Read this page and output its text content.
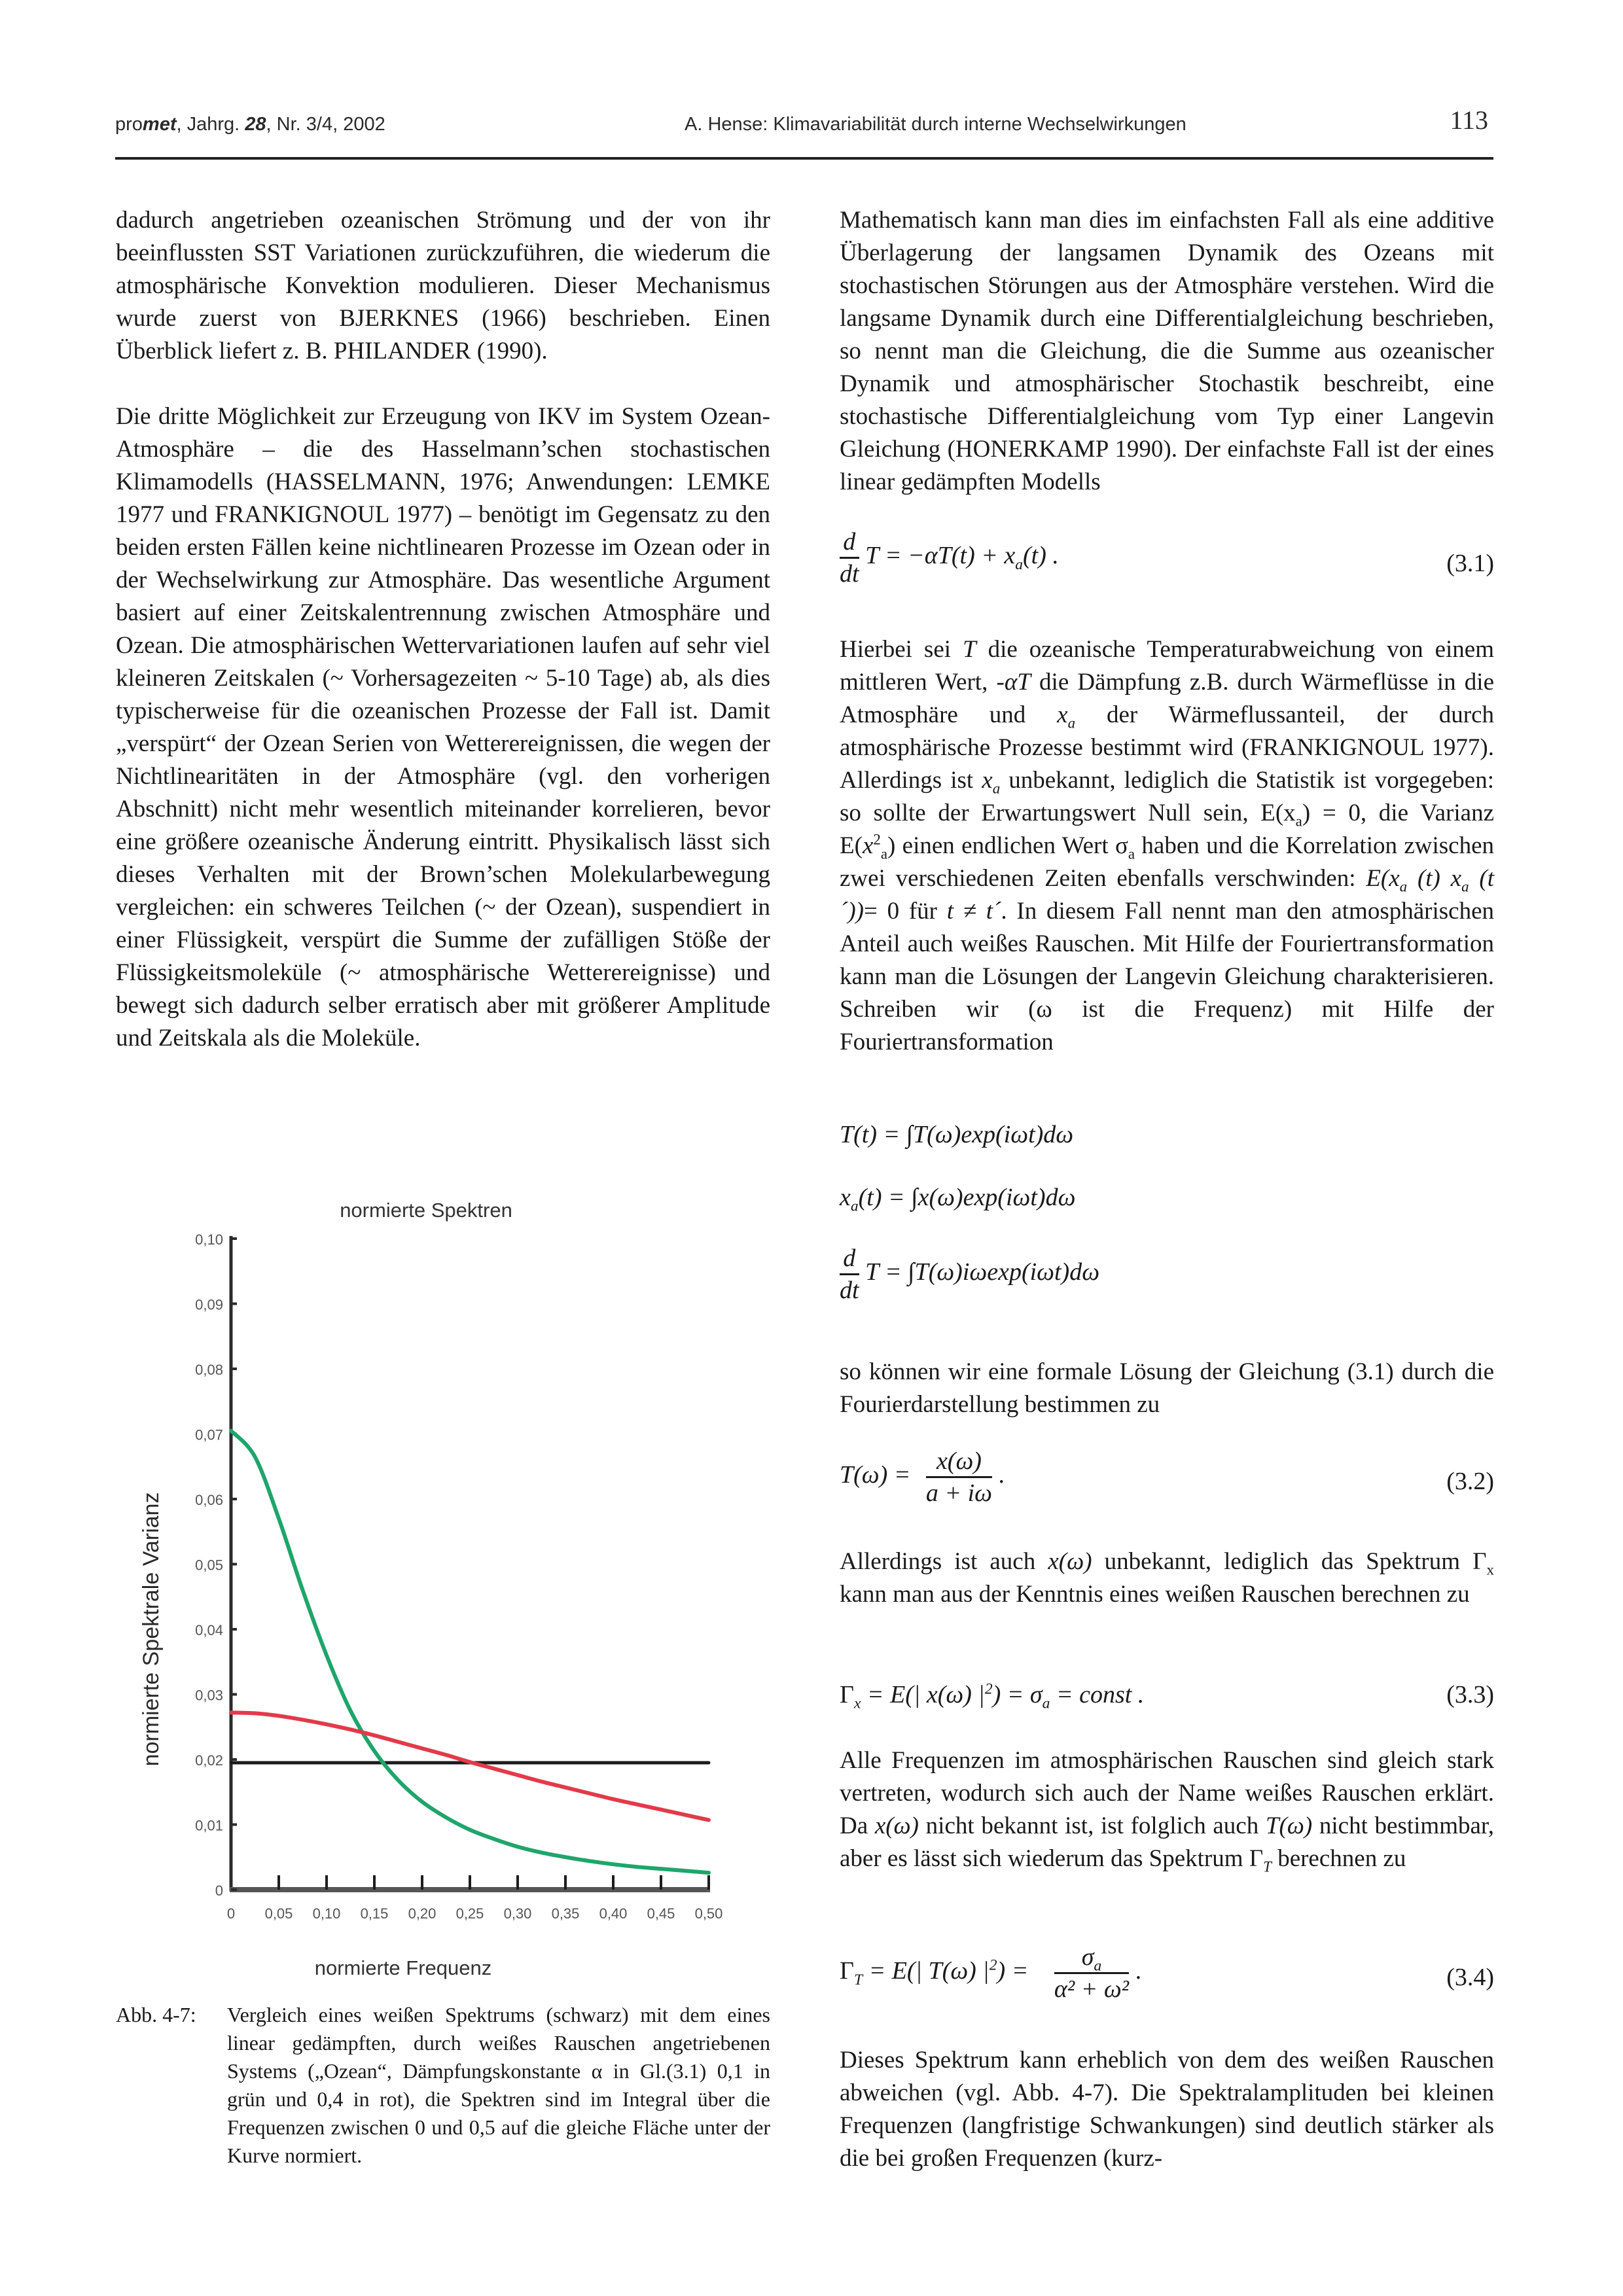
promet, Jahrg. 28, Nr. 3/4, 2002	A. Hense: Klimavariabilität durch interne Wechselwirkungen	113

dadurch angetrieben ozeanischen Strömung und der von ihr beeinflussten SST Variationen zurückzuführen, die wiederum die atmosphärische Konvektion modulieren. Dieser Mechanismus wurde zuerst von BJERKNES (1966) beschrieben. Einen Überblick liefert z. B. PHILANDER (1990).

Die dritte Möglichkeit zur Erzeugung von IKV im System Ozean-Atmosphäre – die des Hasselmann’schen stochastischen Klimamodells (HASSELMANN, 1976; Anwendungen: LEMKE 1977 und FRANKIGNOUL 1977) – benötigt im Gegensatz zu den beiden ersten Fällen keine nichtlinearen Prozesse im Ozean oder in der Wechselwirkung zur Atmosphäre. Das wesentliche Argument basiert auf einer Zeitskalentrennung zwischen Atmosphäre und Ozean. Die atmosphärischen Wettervariationen laufen auf sehr viel kleineren Zeitskalen (~ Vorhersagezeiten ~ 5-10 Tage) ab, als dies typischerweise für die ozeanischen Prozesse der Fall ist. Damit „verspürt“ der Ozean Serien von Wetterereignissen, die wegen der Nichtlinearitäten in der Atmosphäre (vgl. den vorherigen Abschnitt) nicht mehr wesentlich miteinander korrelieren, bevor eine größere ozeanische Änderung eintritt. Physikalisch lässt sich dieses Verhalten mit der Brown’schen Molekularbewegung vergleichen: ein schweres Teilchen (~ der Ozean), suspendiert in einer Flüssigkeit, verspürt die Summe der zufälligen Stöße der Flüssigkeitsmoleküle (~ atmosphärische Wetterereignisse) und bewegt sich dadurch selber erratisch aber mit größerer Amplitude und Zeitskala als die Moleküle.

normierte Spektren
normierte Spektrale Varianz
normierte Frequenz
0
0,01
0,02
0,03
0,04
0,05
0,06
0,07
0,08
0,09
0,10
0 0,05 0,10 0,15 0,20 0,25 0,30 0,35 0,40 0,45 0,50
Abb. 4-7: Vergleich eines weißen Spektrums (schwarz) mit dem eines linear gedämpften, durch weißes Rauschen angetriebenen Systems („Ozean“, Dämpfungskonstante α in Gl.(3.1) 0,1 in grün und 0,4 in rot), die Spektren sind im Integral über die Frequenzen zwischen 0 und 0,5 auf die gleiche Fläche unter der Kurve normiert.

Mathematisch kann man dies im einfachsten Fall als eine additive Überlagerung der langsamen Dynamik des Ozeans mit stochastischen Störungen aus der Atmosphäre verstehen. Wird die langsame Dynamik durch eine Differentialgleichung beschrieben, so nennt man die Gleichung, die die Summe aus ozeanischer Dynamik und atmosphärischer Stochastik beschreibt, eine stochastische Differentialgleichung vom Typ einer Langevin Gleichung (HONERKAMP 1990). Der einfachste Fall ist der eines linear gedämpften Modells

$\frac{d}{dt}$ $T = -\alpha T(t) + x_a(t)$ .	(3.1)

Hierbei sei T die ozeanische Temperaturabweichung von einem mittleren Wert, -αT die Dämpfung z.B. durch Wärmeflüsse in die Atmosphäre und $x_a$ der Wärmeflussanteil, der durch atmosphärische Prozesse bestimmt wird (FRANKIGNOUL 1977). Allerdings ist $x_a$ unbekannt, lediglich die Statistik ist vorgegeben: so sollte der Erwartungswert Null sein, $E(x_a) = 0$, die Varianz $E(x^2_a)$ einen endlichen Wert $\sigma_a$ haben und die Korrelation zwischen zwei verschiedenen Zeiten ebenfalls verschwinden: $E(x_a$ (t) $x_a$ (t´))= 0 für t ≠ t´. In diesem Fall nennt man den atmosphärischen Anteil auch weißes Rauschen. Mit Hilfe der Fouriertransformation kann man die Lösungen der Langevin Gleichung charakterisieren. Schreiben wir (ω ist die Frequenz) mit Hilfe der Fouriertransformation

T(t) = ∫T(ω)exp(iωt)dω
$x_a(t) = \int x(\omega)\exp(i\omega t)d\omega$
$\frac{d}{dt}$ T = ∫T(ω)iωexp(iωt)dω

so können wir eine formale Lösung der Gleichung (3.1) durch die Fourierdarstellung bestimmen zu

$T(\omega) = \frac{x(\omega)}{a + i\omega}$ .	(3.2)

Allerdings ist auch x(ω) unbekannt, lediglich das Spektrum $\Gamma_x$ kann man aus der Kenntnis eines weißen Rauschen berechnen zu

$\Gamma_x = E(|$ x(ω) $|^2) = \sigma_a$ = const .	(3.3)

Alle Frequenzen im atmosphärischen Rauschen sind gleich stark vertreten, wodurch sich auch der Name weißes Rauschen erklärt. Da x(ω) nicht bekannt ist, ist folglich auch T(ω) nicht bestimmbar, aber es lässt sich wiederum das Spektrum $\Gamma_T$ berechnen zu

$\Gamma_T = E(|$ T(ω) $|^2) = \frac{\sigma_a}{\text{α² + ω²}}$ .	(3.4)

Dieses Spektrum kann erheblich von dem des weißen Rauschen abweichen (vgl. Abb. 4-7). Die Spektralamplituden bei kleinen Frequenzen (langfristige Schwankungen) sind deutlich stärker als die bei großen Frequenzen (kurz-
